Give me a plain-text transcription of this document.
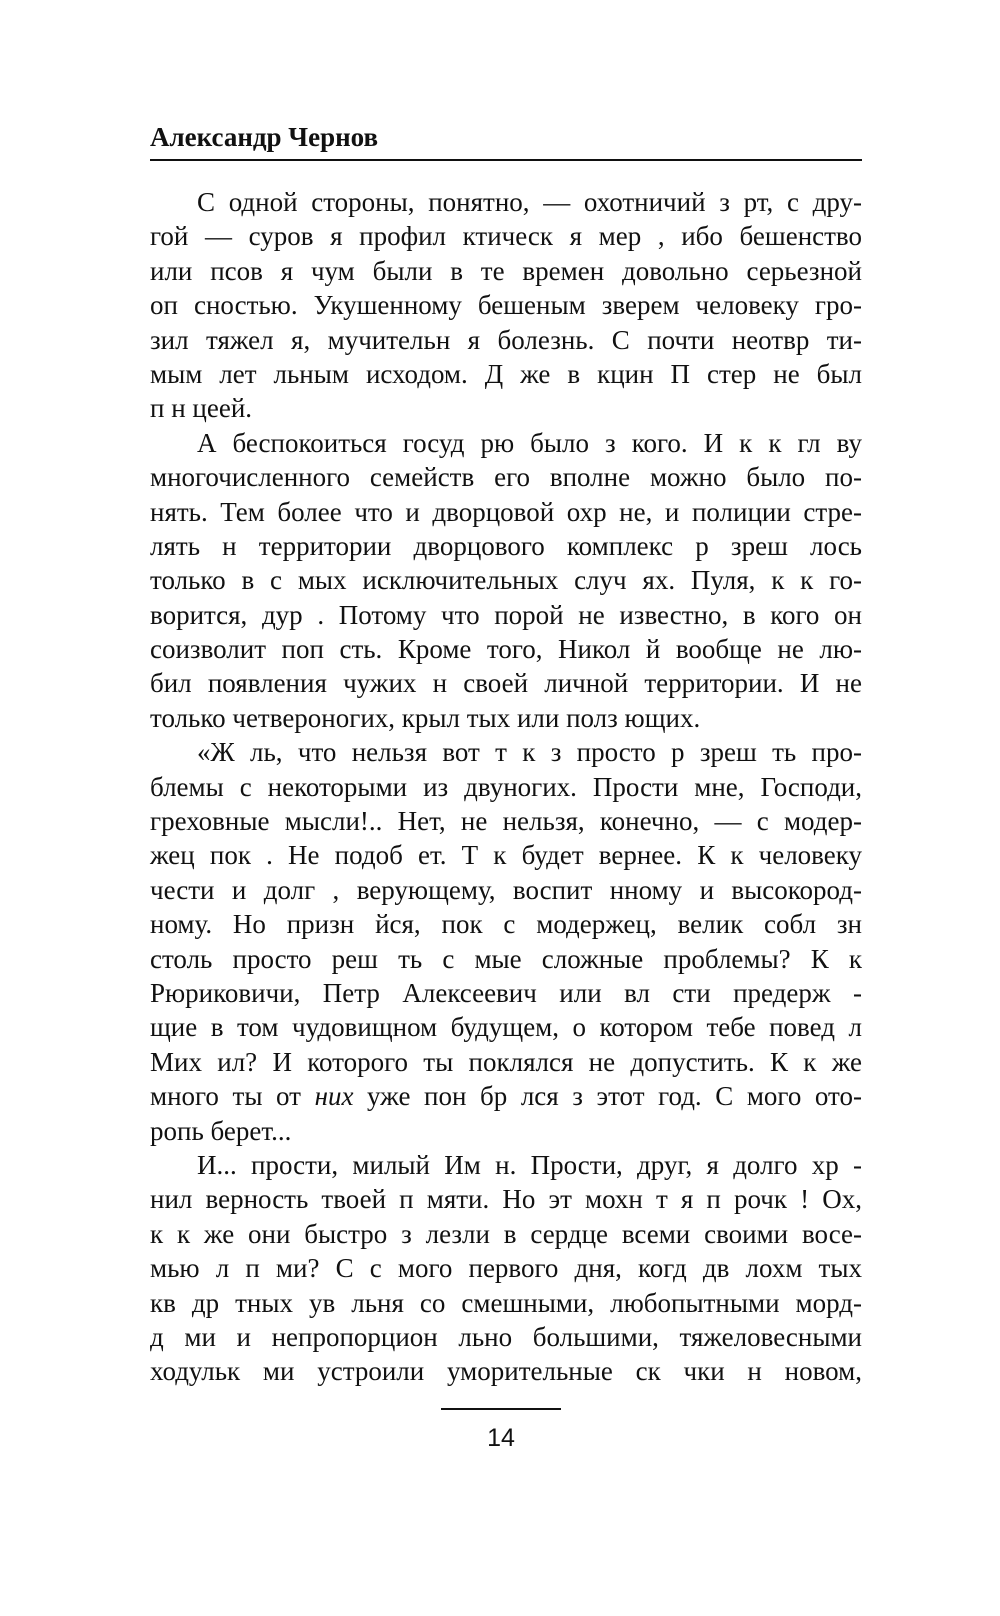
Александр Чернов
С одной стороны, понятно, — охотничий з рт, с дру-
гой — суров я профил ктическ я мер , ибо бешенство
или псов я чум были в те времен довольно серьезной
оп сностью. Укушенному бешеным зверем человеку гро-
зил тяжел я, мучительн я болезнь. С почти неотвр ти-
мым лет льным исходом. Д же в кцин П стер не был
п н цеей.
А беспокоиться госуд рю было з кого. И к к гл ву
многочисленного семейств его вполне можно было по-
нять. Тем более что и дворцовой охр не, и полиции стре-
лять н территории дворцового комплекс р зреш лось
только в с мых исключительных случ ях. Пуля, к к го-
ворится, дур . Потому что порой не известно, в кого он
соизволит поп сть. Кроме того, Никол й вообще не лю-
бил появления чужих н своей личной территории. И не
только четвероногих, крыл тых или полз ющих.
«Ж ль, что нельзя вот т к з просто р зреш ть про-
блемы с некоторыми из двуногих. Прости мне, Господи,
греховные мысли!.. Нет, не нельзя, конечно, — с модер-
жец пок . Не подоб ет. Т к будет вернее. К к человеку
чести и долг , верующему, воспит нному и высокород-
ному. Но призн йся, пок с модержец, велик собл зн
столь просто реш ть с мые сложные проблемы? К к
Рюриковичи, Петр Алексеевич или вл сти предерж -
щие в том чудовищном будущем, о котором тебе повед л
Мих ил? И которого ты поклялся не допустить. К к же
много ты от них уже пон бр лся з этот год. С мого ото-
ропь берет...
И... прости, милый Им н. Прости, друг, я долго хр -
нил верность твоей п мяти. Но эт мохн т я п рочк ! Ох,
к к же они быстро з лезли в сердце всеми своими восе-
мью л п ми? С с мого первого дня, когд дв лохм тых
кв др тных ув льня со смешными, любопытными морд-
д ми и непропорцион льно большими, тяжеловесными
ходульк ми устроили уморительные ск чки н новом,
14
